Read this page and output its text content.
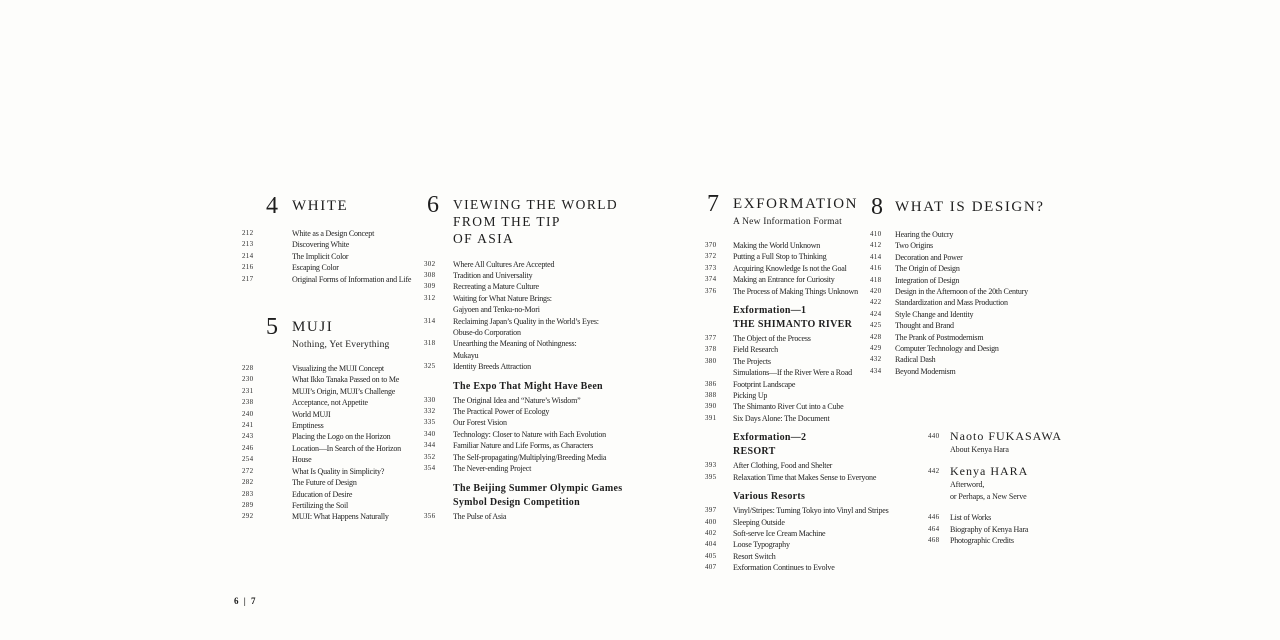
6 | 7
4 WHITE
212	White as a Design Concept
213	Discovering White
214	The Implicit Color
216	Escaping Color
217	Original Forms of Information and Life
5 MUJI
Nothing, Yet Everything
228	Visualizing the MUJI Concept
230	What Ikko Tanaka Passed on to Me
231	MUJI’s Origin, MUJI’s Challenge
238	Acceptance, not Appetite
240	World MUJI
241	Emptiness
243	Placing the Logo on the Horizon
246	Location—In Search of the Horizon
254	House
272	What Is Quality in Simplicity?
282	The Future of Design
283	Education of Desire
289	Fertilizing the Soil
292	MUJI: What Happens Naturally
6	VIEWING THE WORLD
FROM THE TIP
OF ASIA
302	Where All Cultures Are Accepted
308	Tradition and Universality
309	Recreating a Mature Culture
312	Waiting for What Nature Brings:
Gajyoen and Tenku-no-Mori
314	Reclaiming Japan’s Quality in the World’s Eyes:
Obuse-do Corporation
318	Unearthing the Meaning of Nothingness:
Mukayu
325	Identity Breeds Attraction
The Expo That Might Have Been
330	The Original Idea and “Nature’s Wisdom”
332	The Practical Power of Ecology
335	Our Forest Vision
340	Technology: Closer to Nature with Each Evolution
344	Familiar Nature and Life Forms, as Characters
352	The Self-propagating/Multiplying/Breeding Media
354	The Never-ending Project
The Beijing Summer Olympic Games
Symbol Design Competition
356	The Pulse of Asia
7 EXFORMATION
A New Information Format
370	Making the World Unknown
372	Putting a Full Stop to Thinking
373	Acquiring Knowledge Is not the Goal
374	Making an Entrance for Curiosity
376	The Process of Making Things Unknown
Exformation—1
THE SHIMANTO RIVER
377	The Object of the Process
378	Field Research
380	The Projects
Simulations—If the River Were a Road
386	Footprint Landscape
388	Picking Up
390	The Shimanto River Cut into a Cube
391	Six Days Alone: The Document
Exformation—2
RESORT
393	After Clothing, Food and Shelter
395	Relaxation Time that Makes Sense to Everyone
Various Resorts
397	Vinyl/Stripes: Turning Tokyo into Vinyl and Stripes
400	Sleeping Outside
402	Soft-serve Ice Cream Machine
404	Loose Typography
405	Resort Switch
407	Exformation Continues to Evolve
8 WHAT IS DESIGN?
410	Hearing the Outcry
412	Two Origins
414	Decoration and Power
416	The Origin of Design
418	Integration of Design
420	Design in the Afternoon of the 20th Century
422	Standardization and Mass Production
424	Style Change and Identity
425	Thought and Brand
428	The Prank of Postmodernism
429	Computer Technology and Design
432	Radical Dash
434	Beyond Modernism
440 Naoto FUKASAWA
About Kenya Hara
442 Kenya HARA
Afterword,
or Perhaps, a New Serve
446	List of Works
464	Biography of Kenya Hara
468	Photographic Credits
